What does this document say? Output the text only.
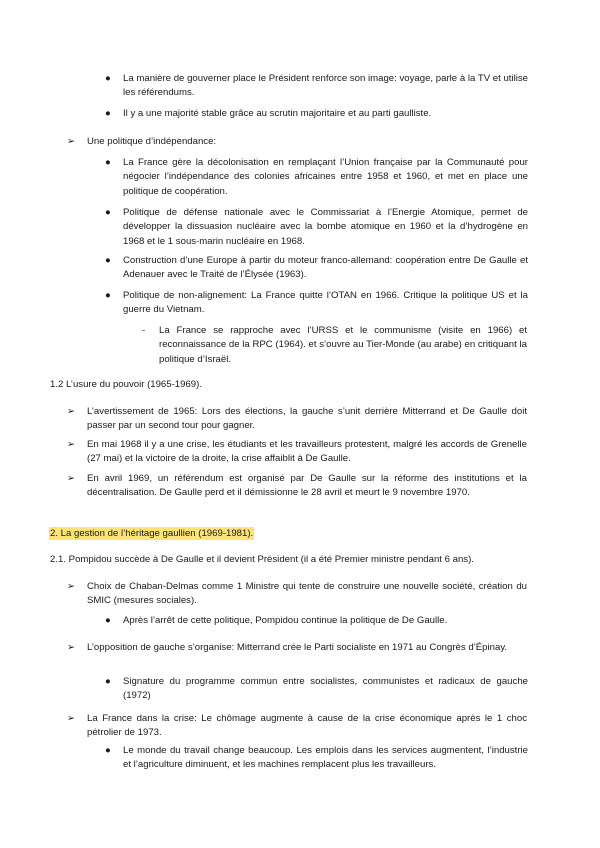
● La manière de gouverner place le Président renforce son image: voyage, parle à la TV et utilise les référendums.
● Il y a une majorité stable grâce au scrutin majoritaire et au parti gaulliste.
➢ Une politique d’indépendance:
● La France gère la décolonisation en remplaçant l’Union française par la Communauté pour négocier l’indépendance des colonies africaines entre 1958 et 1960, et met en place une politique de coopération.
● Politique de défense nationale avec le Commissariat à l’Energie Atomique, permet de développer la dissuasion nucléaire avec la bombe atomique en 1960 et la d’hydrogène en 1968 et le 1 sous-marin nucléaire en 1968.
● Construction d’une Europe à partir du moteur franco-allemand: coopération entre De Gaulle et Adenauer avec le Traité de l’Élysée (1963).
● Politique de non-alignement: La France quitte l’OTAN en 1966. Critique la politique US et la guerre du Vietnam.
- La France se rapproche avec l’URSS et le communisme (visite en 1966) et reconnaissance de la RPC (1964). et s’ouvre au Tier-Monde (au arabe) en critiquant la politique d’Israël.
1.2 L’usure du pouvoir (1965-1969).
➢ L’avertissement de 1965: Lors des élections, la gauche s’unit derrière Mitterrand et De Gaulle doit passer par un second tour pour gagner.
➢ En mai 1968 il y a une crise, les étudiants et les travailleurs protestent, malgré les accords de Grenelle (27 mai) et la victoire de la droite, la crise affaiblit à De Gaulle.
➢ En avril 1969, un référendum est organisé par De Gaulle sur la réforme des institutions et la décentralisation. De Gaulle perd et il démissionne le 28 avril et meurt le 9 novembre 1970.
2. La gestion de l’héritage gaullien (1969-1981).
2.1. Pompidou succède à De Gaulle et il devient Président (il a été Premier ministre pendant 6 ans).
➢ Choix de Chaban-Delmas comme 1 Ministre qui tente de construire une nouvelle société, création du SMIC (mesures sociales).
● Après l’arrêt de cette politique, Pompidou continue la politique de De Gaulle.
➢ L’opposition de gauche s’organise: Mitterrand crée le Parti socialiste en 1971 au Congrès d’Épinay.
● Signature du programme commun entre socialistes, communistes et radicaux de gauche (1972)
➢ La France dans la crise: Le chômage augmente à cause de la crise économique après le 1 choc pétrolier de 1973.
● Le monde du travail change beaucoup. Les emplois dans les services augmentent, l’industrie et l’agriculture diminuent, et les machines remplacent plus les travailleurs.
